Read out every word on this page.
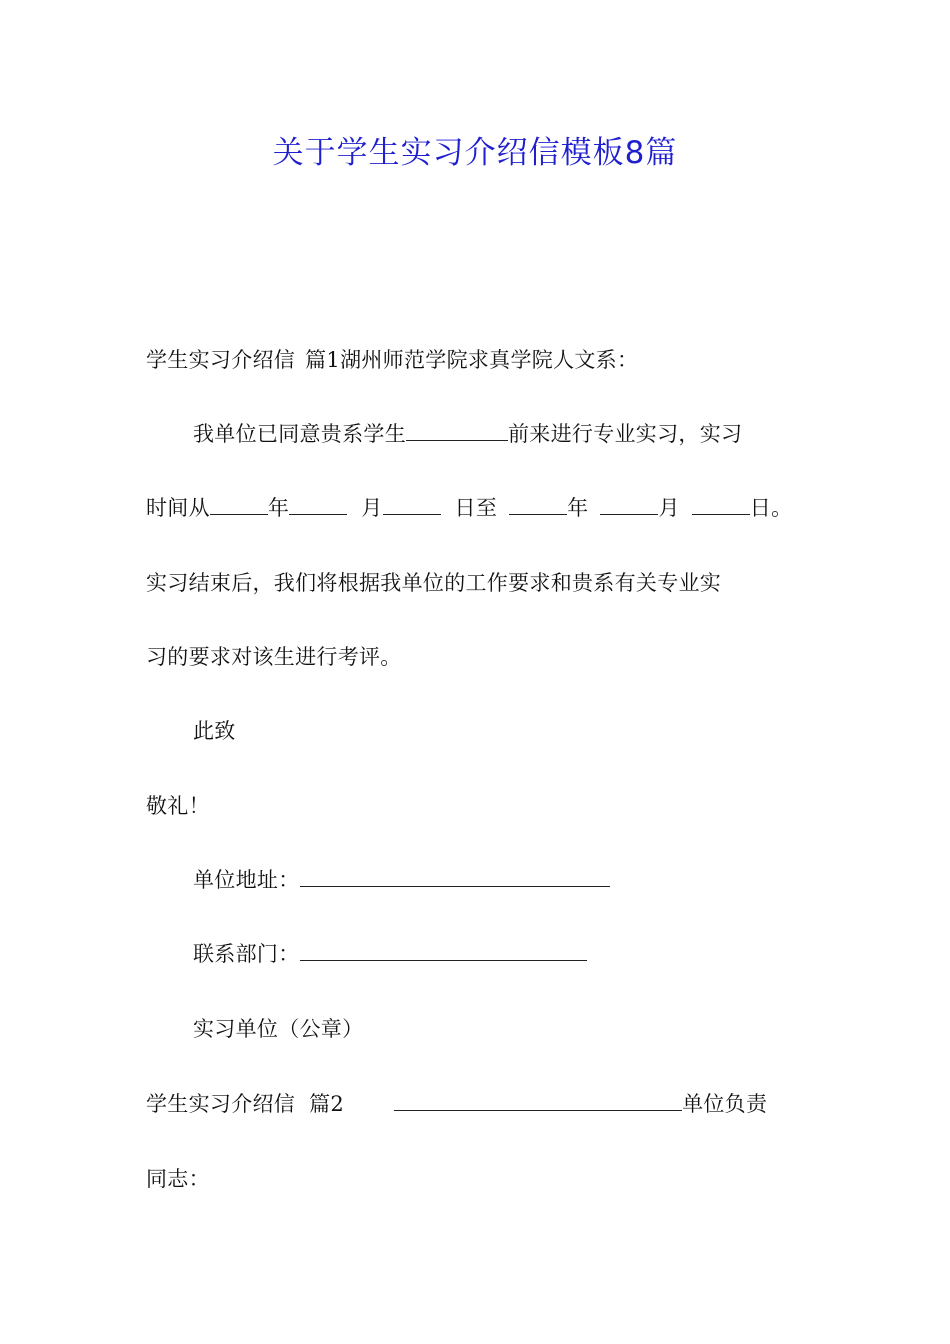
关于学生实习介绍信模板8篇
学生实习介绍信 篇1湖州师范学院求真学院人文系：
我单位已同意贵系学生	前来进行专业实习，实习
时间从	年	月	日至	年	月	日。
实习结束后，我们将根据我单位的工作要求和贵系有关专业实
习的要求对该生进行考评。
此致
敬礼！
单位地址：
联系部门：
实习单位（公章）
学生实习介绍信 篇2	单位负责
同志：
